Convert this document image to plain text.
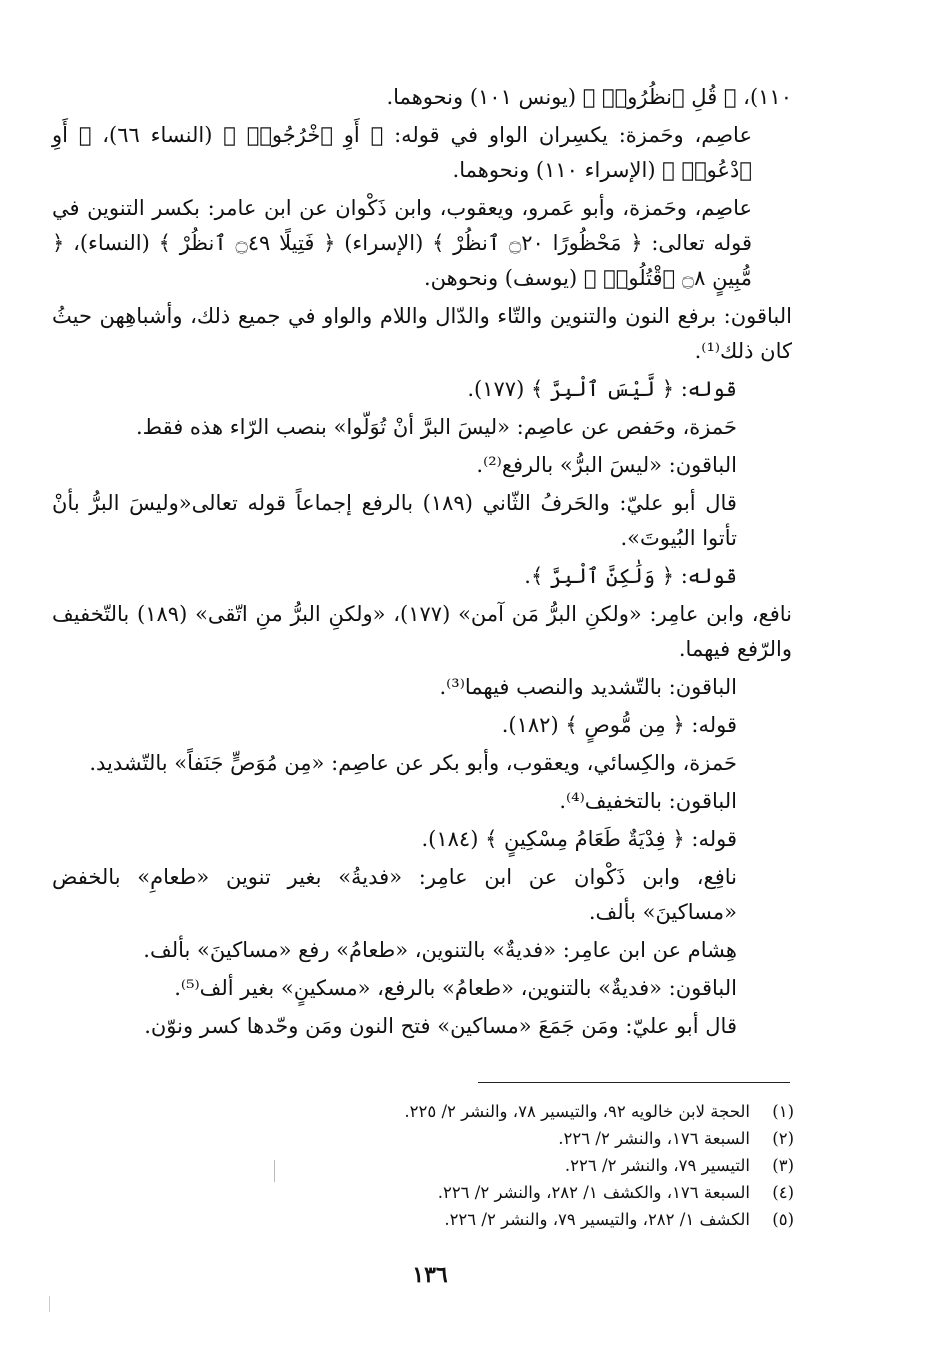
١١٠)، ﴿ قُلِ ٱنظُرُوا۟ ﴾ (يونس ١٠١) ونحوهما.

عاصِم، وحَمزة: يكسِران الواو في قوله: ﴿ أَوِ ٱخْرُجُوا۟ ﴾ (النساء ٦٦)، ﴿ أَوِ ٱدْعُوا۟ ﴾ (الإسراء ١١٠) ونحوهما.

عاصِم، وحَمزة، وأبو عَمرو، ويعقوب، وابن ذَكْوان عن ابن عامر: بكسر التنوين في قوله تعالى: ﴿ مَحْظُورًا ۝٢٠ ٱنظُرْ ﴾ (الإسراء) ﴿ فَتِيلًا ۝٤٩ ٱنظُرْ ﴾ (النساء)، ﴿ مُّبِينٍ ۝٨ ٱقْتُلُوا۟ ﴾ (يوسف) ونحوهن.

الباقون: برفع النون والتنوين والتّاء والدّال واللام والواو في جميع ذلك، وأشباهِهن حيثُ كان ذلك⁽¹⁾.

قوله: ﴿ لَّيْسَ ٱلْبِرَّ ﴾ (١٧٧).

حَمزة، وحَفص عن عاصِم: «ليسَ البرَّ أنْ تُوَلّوا» بنصب الرّاء هذه فقط.

الباقون: «ليسَ البرُّ» بالرفع⁽²⁾.

قال أبو عليّ: والحَرفُ الثّاني (١٨٩) بالرفع إجماعاً قوله تعالى«وليسَ البرُّ بأنْ تأتوا البُيوتَ».

قوله: ﴿ وَلَٰكِنَّ ٱلْبِرَّ ﴾.

نافع، وابن عامِر: «ولكنِ البرُّ مَن آمن» (١٧٧)، «ولكنِ البرُّ منِ اتّقى» (١٨٩) بالتّخفيف والرّفع فيهما.

الباقون: بالتّشديد والنصب فيهما⁽³⁾.

قوله: ﴿ مِن مُّوصٍ ﴾ (١٨٢).

حَمزة، والكِسائي، ويعقوب، وأبو بكر عن عاصِم: «مِن مُوَصٍّ جَنَفاً» بالتّشديد.

الباقون: بالتخفيف⁽⁴⁾.

قوله: ﴿ فِدْيَةٌ طَعَامُ مِسْكِينٍ ﴾ (١٨٤).

نافِع، وابن ذَكْوان عن ابن عامِر: «فديةُ» بغير تنوين «طعامِ» بالخفض «مساكينَ» بألف.

هِشام عن ابن عامِر: «فديةٌ» بالتنوين، «طعامُ» رفع «مساكينَ» بألف.

الباقون: «فديةٌ» بالتنوين، «طعامُ» بالرفع، «مسكينٍ» بغير ألف⁽⁵⁾.

قال أبو عليّ: ومَن جَمَعَ «مساكين» فتح النون ومَن وحّدها كسر ونوّن.

(١)
الحجة لابن خالويه ٩٢، والتيسير ٧٨، والنشر ٢/ ٢٢٥.
(٢)
السبعة ١٧٦، والنشر ٢/ ٢٢٦.
(٣)
التيسير ٧٩، والنشر ٢/ ٢٢٦.
(٤)
السبعة ١٧٦، والكشف ١/ ٢٨٢، والنشر ٢/ ٢٢٦.
(٥)
الكشف ١/ ٢٨٢، والتيسير ٧٩، والنشر ٢/ ٢٢٦.
١٣٦
